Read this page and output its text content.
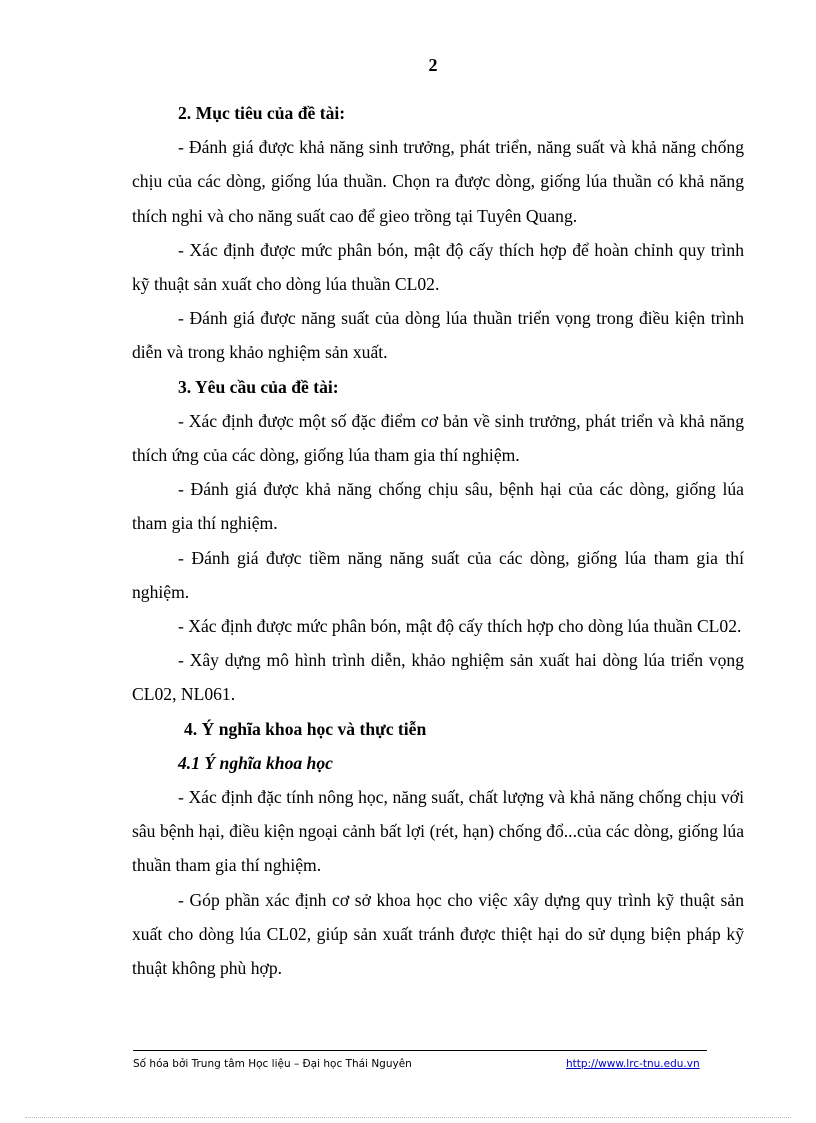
2

2. Mục tiêu của đề tài:

- Đánh giá được khả năng sinh trưởng, phát triển, năng suất và khả năng chống chịu của các dòng, giống lúa thuần. Chọn ra được dòng, giống lúa thuần có khả năng thích nghi và cho năng suất cao để gieo trồng tại Tuyên Quang.

- Xác định được mức phân bón, mật độ cấy thích hợp để hoàn chỉnh quy trình kỹ thuật sản xuất cho dòng lúa thuần CL02.

- Đánh giá được năng suất của dòng lúa thuần triển vọng trong điều kiện trình diễn và trong khảo nghiệm sản xuất.

3. Yêu cầu của đề tài:

- Xác định được một số đặc điểm cơ bản về sinh trưởng, phát triển và khả năng thích ứng của các dòng, giống lúa tham gia thí nghiệm.

- Đánh giá được khả năng chống chịu sâu, bệnh hại của các dòng, giống lúa tham gia thí nghiệm.

- Đánh giá được tiềm năng năng suất của các dòng, giống lúa tham gia thí nghiệm.

- Xác định được mức phân bón, mật độ cấy thích hợp cho dòng lúa thuần CL02.

- Xây dựng mô hình trình diễn, khảo nghiệm sản xuất hai dòng lúa triển vọng CL02, NL061.

4. Ý nghĩa khoa học và thực tiễn

4.1 Ý nghĩa khoa học

- Xác định đặc tính nông học, năng suất, chất lượng và khả năng chống chịu với sâu bệnh hại, điều kiện ngoại cảnh bất lợi (rét, hạn) chống đổ...của các dòng, giống lúa thuần tham gia thí nghiệm.

- Góp phần xác định cơ sở khoa học cho việc xây dựng quy trình kỹ thuật sản xuất cho dòng lúa CL02, giúp sản xuất tránh được thiệt hại do sử dụng biện pháp kỹ thuật không phù hợp.

Số hóa bởi Trung tâm Học liệu – Đại học Thái Nguyên	http://www.lrc-tnu.edu.vn
